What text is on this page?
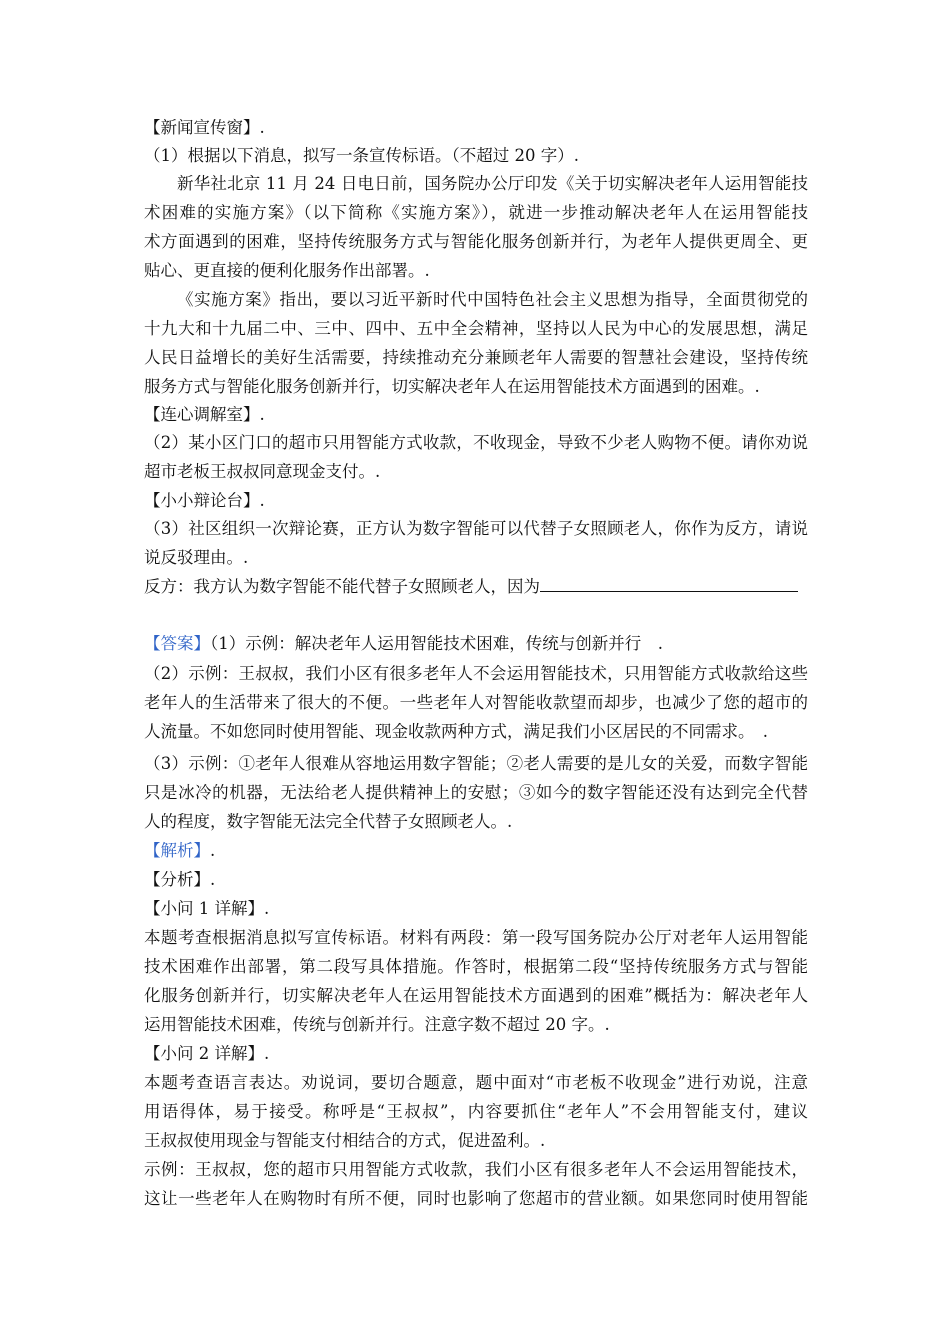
【新闻宣传窗】.
（1）根据以下消息，拟写一条宣传标语。（不超过 20 字）.
新华社北京 11 月 24 日电日前，国务院办公厅印发《关于切实解决老年人运用智能技
术困难的实施方案》（以下简称《实施方案》），就进一步推动解决老年人在运用智能技
术方面遇到的困难，坚持传统服务方式与智能化服务创新并行，为老年人提供更周全、更
贴心、更直接的便利化服务作出部署。.
《实施方案》指出，要以习近平新时代中国特色社会主义思想为指导，全面贯彻党的
十九大和十九届二中、三中、四中、五中全会精神，坚持以人民为中心的发展思想，满足
人民日益增长的美好生活需要，持续推动充分兼顾老年人需要的智慧社会建设，坚持传统
服务方式与智能化服务创新并行，切实解决老年人在运用智能技术方面遇到的困难。.
【连心调解室】.
（2）某小区门口的超市只用智能方式收款，不收现金，导致不少老人购物不便。请你劝说
超市老板王叔叔同意现金支付。.
【小小辩论台】.
（3）社区组织一次辩论赛，正方认为数字智能可以代替子女照顾老人，你作为反方，请说
说反驳理由。.
反方：我方认为数字智能不能代替子女照顾老人，因为
【答案】（1）示例：解决老年人运用智能技术困难，传统与创新并行　.
（2）示例：王叔叔，我们小区有很多老年人不会运用智能技术，只用智能方式收款给这些
老年人的生活带来了很大的不便。一些老年人对智能收款望而却步，也减少了您的超市的
人流量。不如您同时使用智能、现金收款两种方式，满足我们小区居民的不同需求。　.
（3）示例：①老年人很难从容地运用数字智能；②老人需要的是儿女的关爱，而数字智能
只是冰冷的机器，无法给老人提供精神上的安慰；③如今的数字智能还没有达到完全代替
人的程度，数字智能无法完全代替子女照顾老人。.
【解析】.
【分析】.
【小问 1 详解】.
本题考查根据消息拟写宣传标语。材料有两段：第一段写国务院办公厅对老年人运用智能
技术困难作出部署，第二段写具体措施。作答时，根据第二段“坚持传统服务方式与智能
化服务创新并行，切实解决老年人在运用智能技术方面遇到的困难”概括为：解决老年人
运用智能技术困难，传统与创新并行。注意字数不超过 20 字。.
【小问 2 详解】.
本题考查语言表达。劝说词，要切合题意，题中面对“市老板不收现金”进行劝说，注意
用语得体，易于接受。称呼是“王叔叔”，内容要抓住“老年人”不会用智能支付，建议
王叔叔使用现金与智能支付相结合的方式，促进盈利。.
示例：王叔叔，您的超市只用智能方式收款，我们小区有很多老年人不会运用智能技术，
这让一些老年人在购物时有所不便，同时也影响了您超市的营业额。如果您同时使用智能
